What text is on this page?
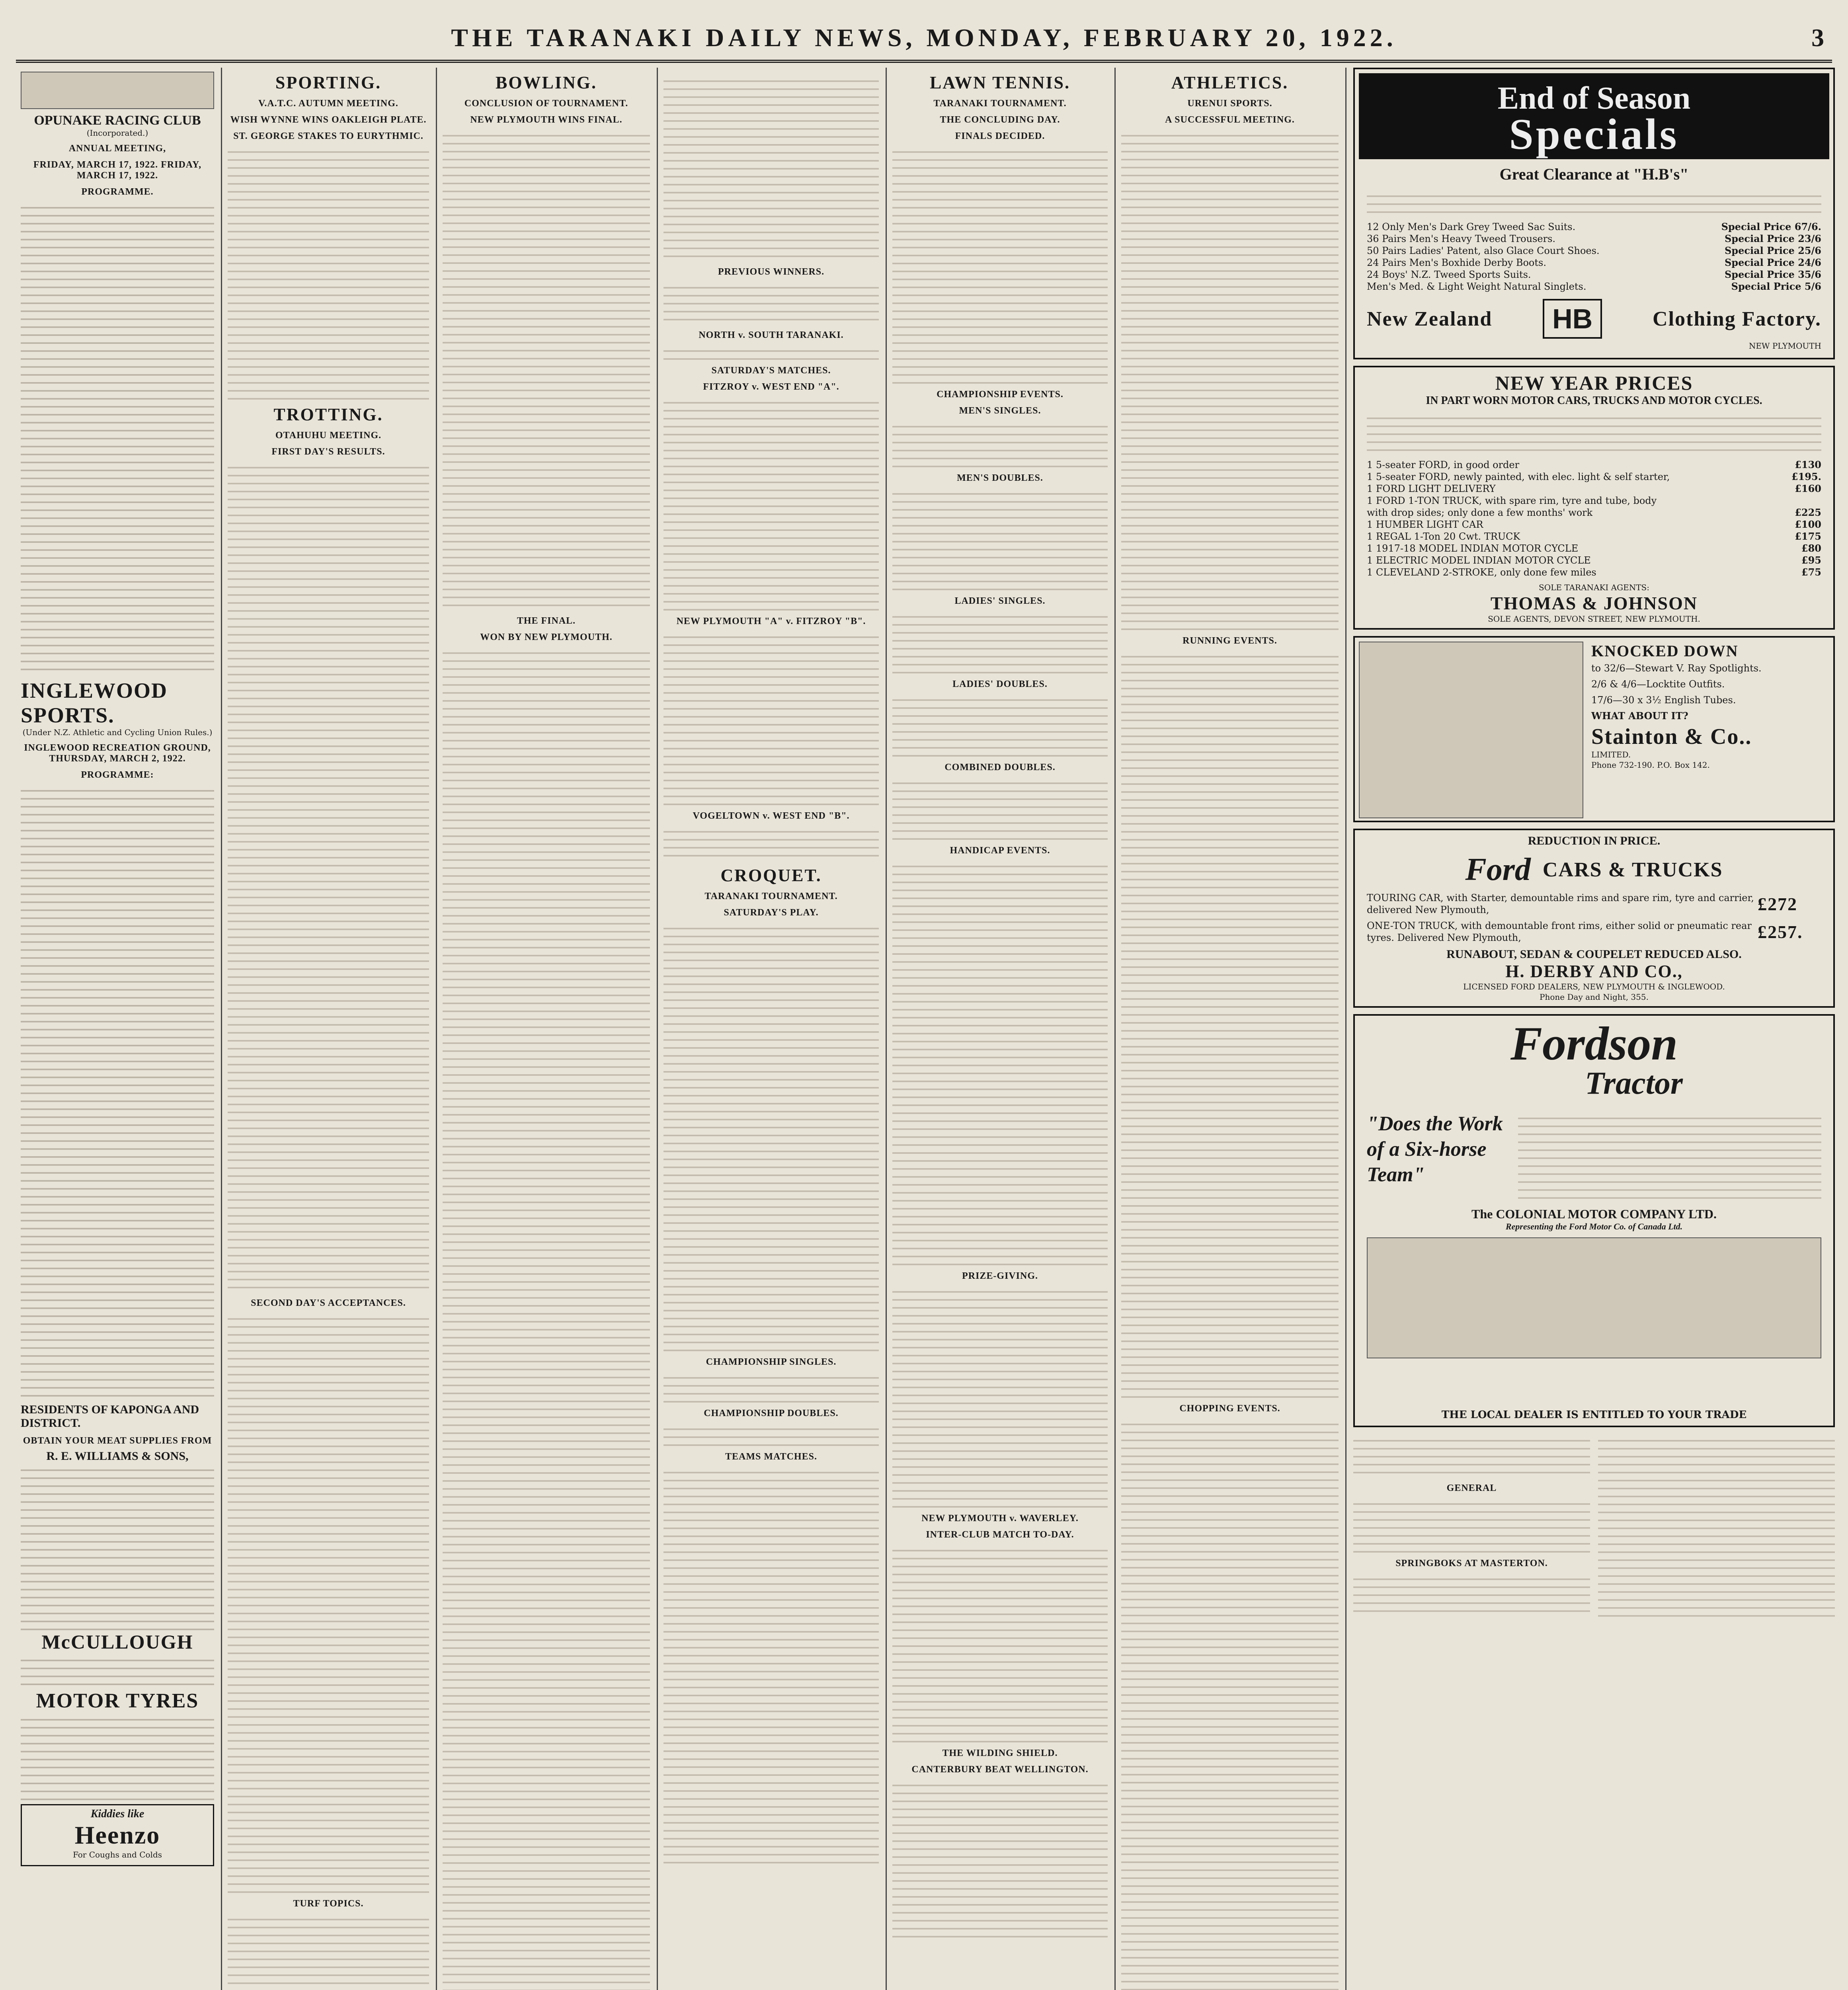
THE TARANAKI DAILY NEWS, MONDAY, FEBRUARY 20, 1922.	3
OPUNAKE RACING CLUB
(Incorporated.)
ANNUAL MEETING,
FRIDAY, MARCH 17, 1922. FRIDAY, MARCH 17, 1922.
PROGRAMME.
INGLEWOOD SPORTS.
(Under N.Z. Athletic and Cycling Union Rules.)
INGLEWOOD RECREATION GROUND, THURSDAY, MARCH 2, 1922.
PROGRAMME:
RESIDENTS OF KAPONGA AND DISTRICT.
OBTAIN YOUR MEAT SUPPLIES FROM
R. E. WILLIAMS & SONS,
McCULLOUGH
MOTOR TYRES
Kiddies like
Heenzo
For Coughs and Colds
SPORTING.
V.A.T.C. AUTUMN MEETING.
WISH WYNNE WINS OAKLEIGH PLATE.
ST. GEORGE STAKES TO EURYTHMIC.
TROTTING.
OTAHUHU MEETING.
FIRST DAY'S RESULTS.
SECOND DAY'S ACCEPTANCES.
TURF TOPICS.
BOWLING.
CONCLUSION OF TOURNAMENT.
NEW PLYMOUTH WINS FINAL.
THE FINAL.
WON BY NEW PLYMOUTH.
PREVIOUS WINNERS.
NORTH v. SOUTH TARANAKI.
SATURDAY'S MATCHES.
FITZROY v. WEST END "A".
NEW PLYMOUTH "A" v. FITZROY "B".
VOGELTOWN v. WEST END "B".
CROQUET.
TARANAKI TOURNAMENT.
SATURDAY'S PLAY.
CHAMPIONSHIP SINGLES.
CHAMPIONSHIP DOUBLES.
TEAMS MATCHES.
LAWN TENNIS.
TARANAKI TOURNAMENT.
THE CONCLUDING DAY.
FINALS DECIDED.
CHAMPIONSHIP EVENTS.
MEN'S SINGLES.
MEN'S DOUBLES.
LADIES' SINGLES.
LADIES' DOUBLES.
COMBINED DOUBLES.
HANDICAP EVENTS.
PRIZE-GIVING.
NEW PLYMOUTH v. WAVERLEY.
INTER-CLUB MATCH TO-DAY.
THE WILDING SHIELD.
CANTERBURY BEAT WELLINGTON.
ATHLETICS.
URENUI SPORTS.
A SUCCESSFUL MEETING.
RUNNING EVENTS.
CHOPPING EVENTS.
End of Season
Specials
Great Clearance at "H.B's"
12 Only Men's Dark Grey Tweed Sac Suits.	Special Price 67/6.
36 Pairs Men's Heavy Tweed Trousers.	Special Price 23/6
50 Pairs Ladies' Patent, also Glace Court Shoes.	Special Price 25/6
24 Pairs Men's Boxhide Derby Boots.	Special Price 24/6
24 Boys' N.Z. Tweed Sports Suits.	Special Price 35/6
Men's Med. & Light Weight Natural Singlets.	Special Price 5/6
New Zealand	HB	Clothing Factory.
NEW PLYMOUTH
NEW YEAR PRICES
IN PART WORN MOTOR CARS, TRUCKS AND MOTOR CYCLES.
1 5-seater FORD, in good order	£130
1 5-seater FORD, newly painted, with elec. light & self starter,	£195.
1 FORD LIGHT DELIVERY	£160
1 FORD 1-TON TRUCK, with spare rim, tyre and tube, body
with drop sides; only done a few months' work	£225
1 HUMBER LIGHT CAR	£100
1 REGAL 1-Ton 20 Cwt. TRUCK	£175
1 1917-18 MODEL INDIAN MOTOR CYCLE	£80
1 ELECTRIC MODEL INDIAN MOTOR CYCLE	£95
1 CLEVELAND 2-STROKE, only done few miles	£75
SOLE TARANAKI AGENTS:
THOMAS & JOHNSON
SOLE AGENTS, DEVON STREET, NEW PLYMOUTH.
KNOCKED DOWN
to 32/6—Stewart V. Ray Spotlights.
2/6 & 4/6—Locktite Outfits.
17/6—30 x 3½ English Tubes.
WHAT ABOUT IT?
Stainton & Co..
LIMITED.
Phone 732-190. P.O. Box 142.
REDUCTION IN PRICE.
Ford CARS & TRUCKS
TOURING CAR, with Starter, demountable rims and spare rim, tyre and carrier, delivered New Plymouth,	£272
ONE-TON TRUCK, with demountable front rims, either solid or pneumatic rear tyres. Delivered New Plymouth,	£257.
RUNABOUT, SEDAN & COUPELET REDUCED ALSO.
H. DERBY AND CO.,
LICENSED FORD DEALERS, NEW PLYMOUTH & INGLEWOOD.
Phone Day and Night, 355.
Fordson
Tractor
"Does the Work of a Six-horse Team"
The COLONIAL MOTOR COMPANY LTD.
Representing the Ford Motor Co. of Canada Ltd.
THE LOCAL DEALER IS ENTITLED TO YOUR TRADE
GENERAL
SPRINGBOKS AT MASTERTON.
